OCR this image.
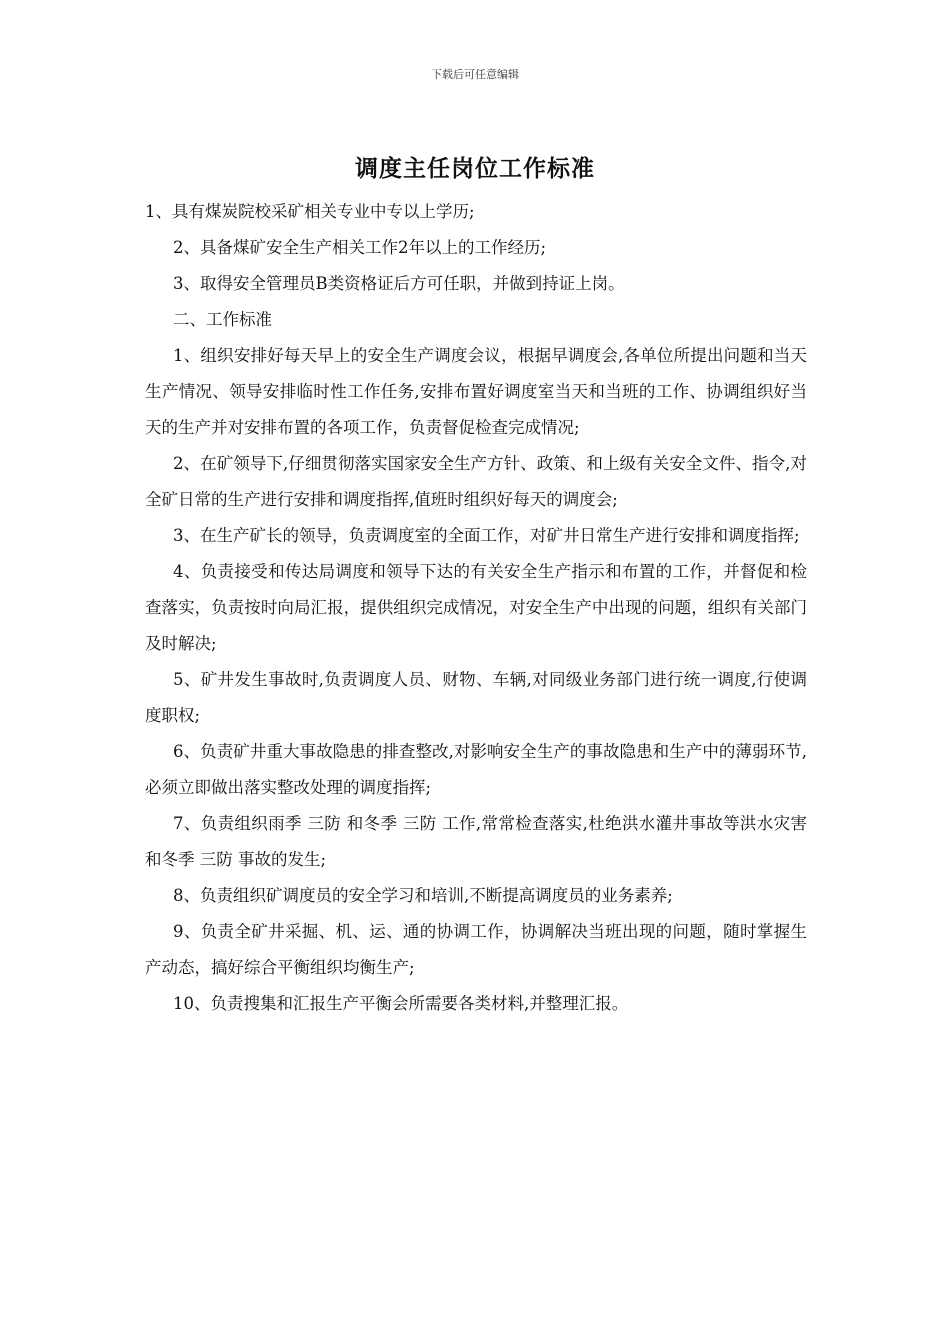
下载后可任意编辑
调度主任岗位工作标准

1、具有煤炭院校采矿相关专业中专以上学历;

2、具备煤矿安全生产相关工作2年以上的工作经历;

3、取得安全管理员B类资格证后方可任职，并做到持证上岗。

二、工作标准

1、组织安排好每天早上的安全生产调度会议，根据早调度会,各单位所提出问题和当天生产情况、领导安排临时性工作任务,安排布置好调度室当天和当班的工作、协调组织好当天的生产并对安排布置的各项工作，负责督促检查完成情况;

2、在矿领导下,仔细贯彻落实国家安全生产方针、政策、和上级有关安全文件、指令,对全矿日常的生产进行安排和调度指挥,值班时组织好每天的调度会;

3、在生产矿长的领导，负责调度室的全面工作，对矿井日常生产进行安排和调度指挥;

4、负责接受和传达局调度和领导下达的有关安全生产指示和布置的工作，并督促和检查落实，负责按时向局汇报，提供组织完成情况，对安全生产中出现的问题，组织有关部门及时解决;

5、矿井发生事故时,负责调度人员、财物、车辆,对同级业务部门进行统一调度,行使调度职权;

6、负责矿井重大事故隐患的排查整改,对影响安全生产的事故隐患和生产中的薄弱环节,必须立即做出落实整改处理的调度指挥;

7、负责组织雨季 三防 和冬季 三防 工作,常常检查落实,杜绝洪水灌井事故等洪水灾害和冬季 三防 事故的发生;

8、负责组织矿调度员的安全学习和培训,不断提高调度员的业务素养;

9、负责全矿井采掘、机、运、通的协调工作，协调解决当班出现的问题，随时掌握生产动态，搞好综合平衡组织均衡生产;

10、负责搜集和汇报生产平衡会所需要各类材料,并整理汇报。
